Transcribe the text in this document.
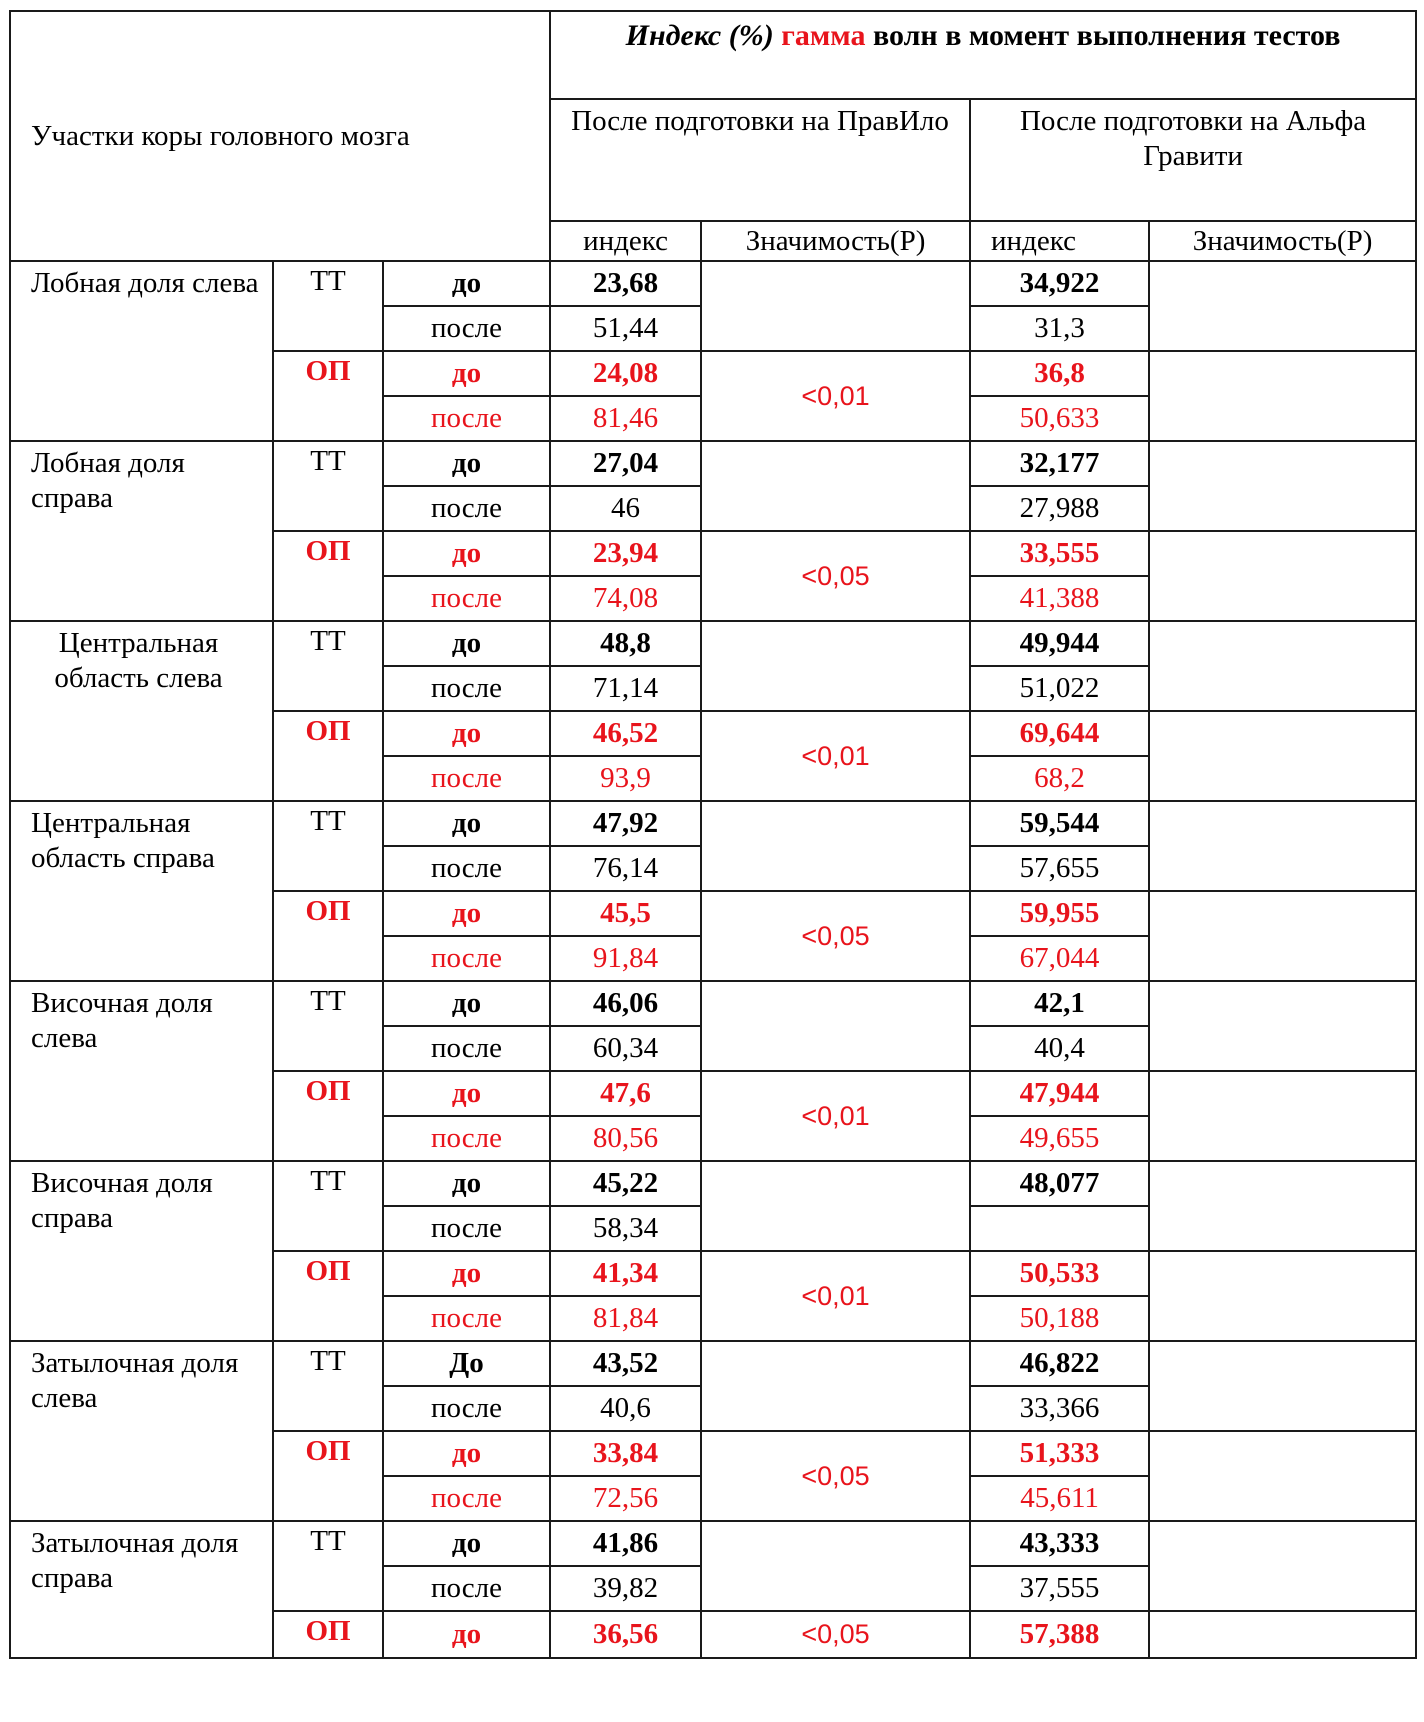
Участки коры головного мозга			Индекс (%) гамма волн в момент выполнения тестов			
			После подготовки на ПравИло		После подготовки на Альфа Гравити	
			индекс	Значимость(Р)	индекс	Значимость(Р)
Лобная доля слева	ТТ	до	23,68		34,922	
		после	51,44		31,3	
	ОП	до	24,08	<0,01	36,8	
		после	81,46		50,633	
Лобная доля справа	ТТ	до	27,04		32,177	
		после	46		27,988	
	ОП	до	23,94	<0,05	33,555	
		после	74,08		41,388	
Центральная область слева	ТТ	до	48,8		49,944	
		после	71,14		51,022	
	ОП	до	46,52	<0,01	69,644	
		после	93,9		68,2	
Центральная область справа	ТТ	до	47,92		59,544	
		после	76,14		57,655	
	ОП	до	45,5	<0,05	59,955	
		после	91,84		67,044	
Височная доля слева	ТТ	до	46,06		42,1	
		после	60,34		40,4	
	ОП	до	47,6	<0,01	47,944	
		после	80,56		49,655	
Височная доля справа	ТТ	до	45,22		48,077	
		после	58,34			
	ОП	до	41,34	<0,01	50,533	
		после	81,84		50,188	
Затылочная доля слева	ТТ	До	43,52		46,822	
		после	40,6		33,366	
	ОП	до	33,84	<0,05	51,333	
		после	72,56		45,611	
Затылочная доля справа	ТТ	до	41,86		43,333	
		после	39,82		37,555	
	ОП	до	36,56	<0,05	57,388	
